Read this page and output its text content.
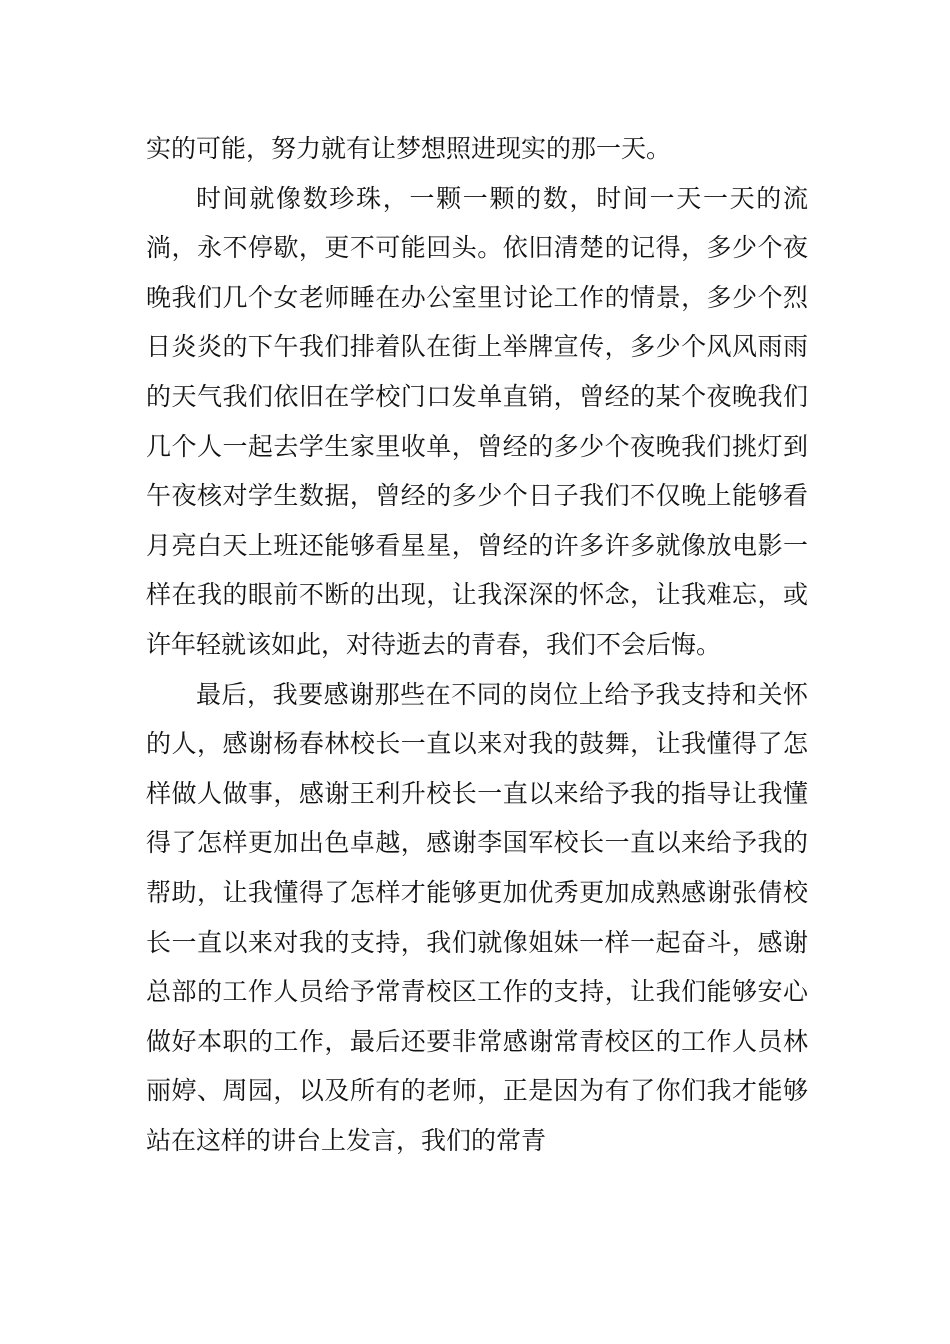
实的可能，努力就有让梦想照进现实的那一天。

时间就像数珍珠，一颗一颗的数，时间一天一天的流淌，永不停歇，更不可能回头。依旧清楚的记得，多少个夜晚我们几个女老师睡在办公室里讨论工作的情景，多少个烈日炎炎的下午我们排着队在街上举牌宣传，多少个风风雨雨的天气我们依旧在学校门口发单直销，曾经的某个夜晚我们几个人一起去学生家里收单，曾经的多少个夜晚我们挑灯到午夜核对学生数据，曾经的多少个日子我们不仅晚上能够看月亮白天上班还能够看星星，曾经的许多许多就像放电影一样在我的眼前不断的出现，让我深深的怀念，让我难忘，或许年轻就该如此，对待逝去的青春，我们不会后悔。

最后，我要感谢那些在不同的岗位上给予我支持和关怀的人，感谢杨春林校长一直以来对我的鼓舞，让我懂得了怎样做人做事，感谢王利升校长一直以来给予我的指导让我懂得了怎样更加出色卓越，感谢李国军校长一直以来给予我的帮助，让我懂得了怎样才能够更加优秀更加成熟感谢张倩校长一直以来对我的支持，我们就像姐妹一样一起奋斗，感谢总部的工作人员给予常青校区工作的支持，让我们能够安心做好本职的工作，最后还要非常感谢常青校区的工作人员林丽婷、周园，以及所有的老师，正是因为有了你们我才能够站在这样的讲台上发言，我们的常青
